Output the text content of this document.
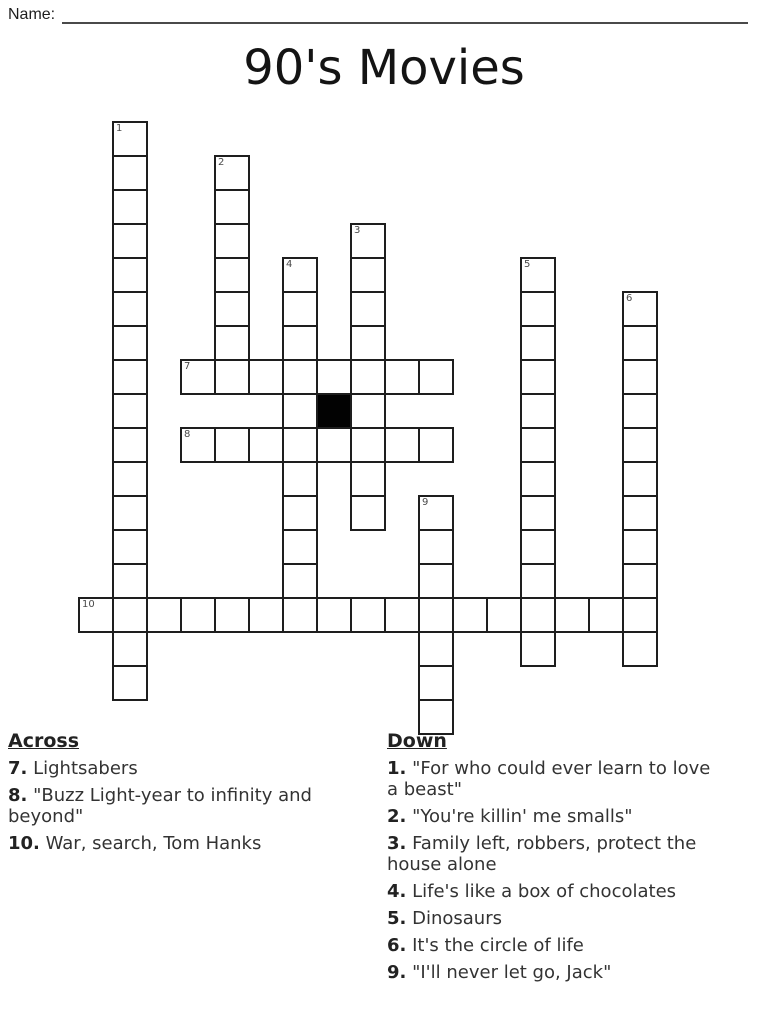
Name:
90's Movies
1
2
3
4	5
6
7
8
9
10
Across

7. Lightsabers

8. "Buzz Light-year to infinity and beyond"

10. War, search, Tom Hanks

Down

1. "For who could ever learn to love a beast"

2. "You're killin' me smalls"

3. Family left, robbers, protect the house alone

4. Life's like a box of chocolates

5. Dinosaurs

6. It's the circle of life

9. "I'll never let go, Jack"
